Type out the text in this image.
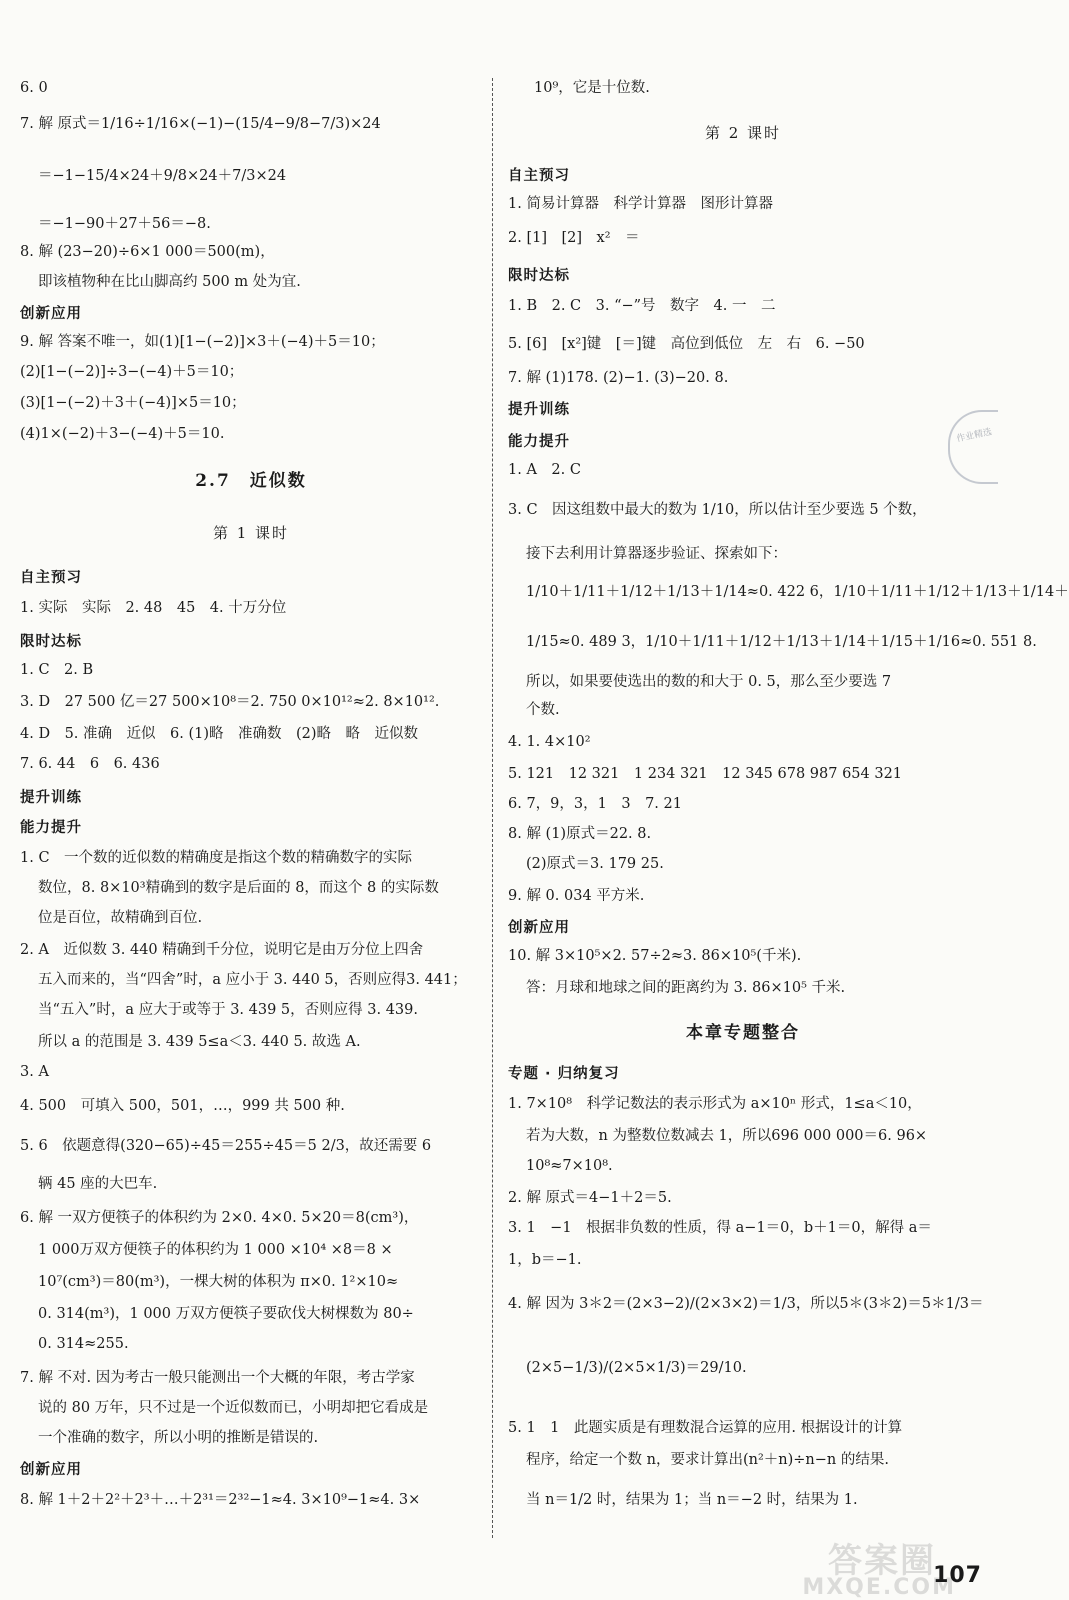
6. 0
7. 解 原式＝1/16÷1/16×(−1)−(15/4−9/8−7/3)×24
＝−1−15/4×24＋9/8×24＋7/3×24
＝−1−90＋27＋56＝−8.
8. 解 (23−20)÷6×1 000＝500(m)，
即该植物种在比山脚高约 500 m 处为宜.
创新应用
9. 解 答案不唯一，如(1)[1−(−2)]×3＋(−4)＋5＝10；
(2)[1−(−2)]÷3−(−4)＋5＝10；
(3)[1−(−2)＋3＋(−4)]×5＝10；
(4)1×(−2)＋3−(−4)＋5＝10.
2.7　近似数
第 1 课时
自主预习
1. 实际　实际　2. 48　45　4. 十万分位
限时达标
1. C　2. B
3. D　27 500 亿＝27 500×10⁸＝2. 750 0×10¹²≈2. 8×10¹².
4. D　5. 准确　近似　6. (1)略　准确数　(2)略　略　近似数
7. 6. 44　6　6. 436
提升训练
能力提升
1. C　一个数的近似数的精确度是指这个数的精确数字的实际
数位，8. 8×10³精确到的数字是后面的 8，而这个 8 的实际数
位是百位，故精确到百位.
2. A　近似数 3. 440 精确到千分位，说明它是由万分位上四舍
五入而来的，当“四舍”时，a 应小于 3. 440 5，否则应得3. 441；
当“五入”时，a 应大于或等于 3. 439 5，否则应得 3. 439.
所以 a 的范围是 3. 439 5≤a＜3. 440 5. 故选 A.
3. A
4. 500　可填入 500，501，…，999 共 500 种.
5. 6　依题意得(320−65)÷45＝255÷45＝5 2/3，故还需要 6
辆 45 座的大巴车.
6. 解 一双方便筷子的体积约为 2×0. 4×0. 5×20＝8(cm³)，
1 000万双方便筷子的体积约为 1 000 ×10⁴ ×8＝8 ×
10⁷(cm³)＝80(m³)，一棵大树的体积为 π×0. 1²×10≈
0. 314(m³)，1 000 万双方便筷子要砍伐大树棵数为 80÷
0. 314≈255.
7. 解 不对. 因为考古一般只能测出一个大概的年限，考古学家
说的 80 万年，只不过是一个近似数而已，小明却把它看成是
一个准确的数字，所以小明的推断是错误的.
创新应用
8. 解 1＋2＋2²＋2³＋…＋2³¹＝2³²−1≈4. 3×10⁹−1≈4. 3×
10⁹，它是十位数.
第 2 课时
自主预习
1. 简易计算器　科学计算器　图形计算器
2. [1]　[2]　x²　＝
限时达标
1. B　2. C　3. “−”号　数字　4. 一　二
5. [6]　[x²]键　[＝]键　高位到低位　左　右　6. −50
7. 解 (1)178. (2)−1. (3)−20. 8.
提升训练
能力提升
1. A　2. C
3. C　因这组数中最大的数为 1/10，所以估计至少要选 5 个数，
接下去利用计算器逐步验证、探索如下：
1/10＋1/11＋1/12＋1/13＋1/14≈0. 422 6，1/10＋1/11＋1/12＋1/13＋1/14＋
1/15≈0. 489 3，1/10＋1/11＋1/12＋1/13＋1/14＋1/15＋1/16≈0. 551 8.
所以，如果要使选出的数的和大于 0. 5，那么至少要选 7
个数.
4. 1. 4×10²
5. 121　12 321　1 234 321　12 345 678 987 654 321
6. 7，9，3，1　3　7. 21
8. 解 (1)原式＝22. 8.
(2)原式＝3. 179 25.
9. 解 0. 034 平方米.
创新应用
10. 解 3×10⁵×2. 57÷2≈3. 86×10⁵(千米).
答：月球和地球之间的距离约为 3. 86×10⁵ 千米.
本章专题整合
专题 · 归纳复习
1. 7×10⁸　科学记数法的表示形式为 a×10ⁿ 形式，1≤a＜10，
若为大数，n 为整数位数减去 1，所以696 000 000＝6. 96×
10⁸≈7×10⁸.
2. 解 原式＝4−1＋2＝5.
3. 1　−1　根据非负数的性质，得 a−1＝0，b＋1＝0，解得 a＝
1，b＝−1.
4. 解 因为 3＊2＝(2×3−2)/(2×3×2)＝1/3，所以5＊(3＊2)＝5＊1/3＝
(2×5−1/3)/(2×5×1/3)＝29/10.
5. 1　1　此题实质是有理数混合运算的应用. 根据设计的计算
程序，给定一个数 n，要求计算出(n²＋n)÷n−n 的结果.
当 n＝1/2 时，结果为 1；当 n＝−2 时，结果为 1.
作业精选
答案圈
MXQE.COM
107
